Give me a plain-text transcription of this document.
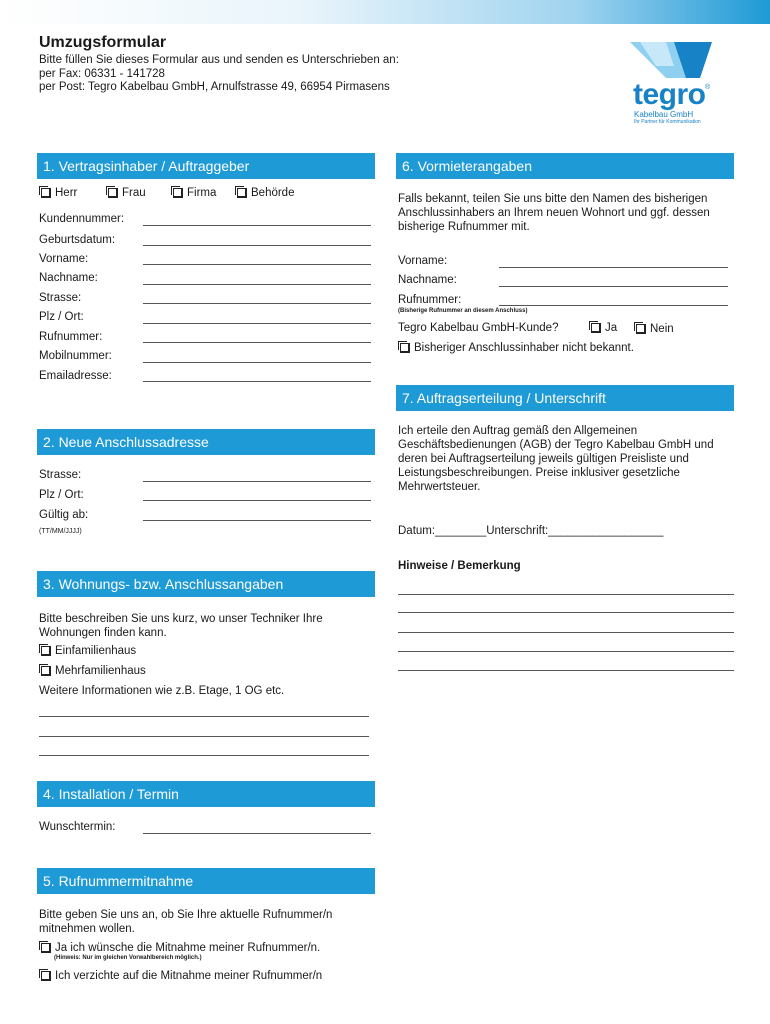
Umzugsformular
Bitte füllen Sie dieses Formular aus und senden es Unterschrieben an:
per Fax: 06331 - 141728
per Post: Tegro Kabelbau GmbH, Arnulfstrasse 49, 66954 Pirmasens	tegro ®
Kabelbau GmbH
Ihr Partner für Kommunikation
1. Vertragsinhaber / Auftraggeber
Herr	Frau	Firma	Behörde
Kundennummer:
Geburtsdatum:
Vorname:
Nachname:
Strasse:
Plz / Ort:
Rufnummer:
Mobilnummer:
Emailadresse:
2. Neue Anschlussadresse
Strasse:
Plz / Ort:
Gültig ab:
(TT/MM/JJJJ)
3. Wohnungs- bzw. Anschlussangaben
Bitte beschreiben Sie uns kurz, wo unser Techniker Ihre Wohnungen finden kann.
Einfamilienhaus
Mehrfamilienhaus
Weitere Informationen wie z.B. Etage, 1 OG etc.
4. Installation / Termin
Wunschtermin:
5. Rufnummermitnahme
Bitte geben Sie uns an, ob Sie Ihre aktuelle Rufnummer/n mitnehmen wollen.
Ja ich wünsche die Mitnahme meiner Rufnummer/n.
(Hinweis: Nur im gleichen Vorwahlbereich möglich.)
Ich verzichte auf die Mitnahme meiner Rufnummer/n
6. Vormieterangaben
Falls bekannt, teilen Sie uns bitte den Namen des bisherigen Anschlussinhabers an Ihrem neuen Wohnort und ggf. dessen bisherige Rufnummer mit.
Vorname:
Nachname:
Rufnummer:
(Bisherige Rufnummer an diesem Anschluss)
Tegro Kabelbau GmbH-Kunde?	Ja	Nein
Bisheriger Anschlussinhaber nicht bekannt.
7. Auftragserteilung / Unterschrift
Ich erteile den Auftrag gemäß den Allgemeinen Geschäftsbedienungen (AGB) der Tegro Kabelbau GmbH und deren bei Auftragserteilung jeweils gültigen Preisliste und Leistungsbeschreibungen. Preise inklusiver gesetzliche Mehrwertsteuer.
Datum:________Unterschrift:__________________
Hinweise / Bemerkung
